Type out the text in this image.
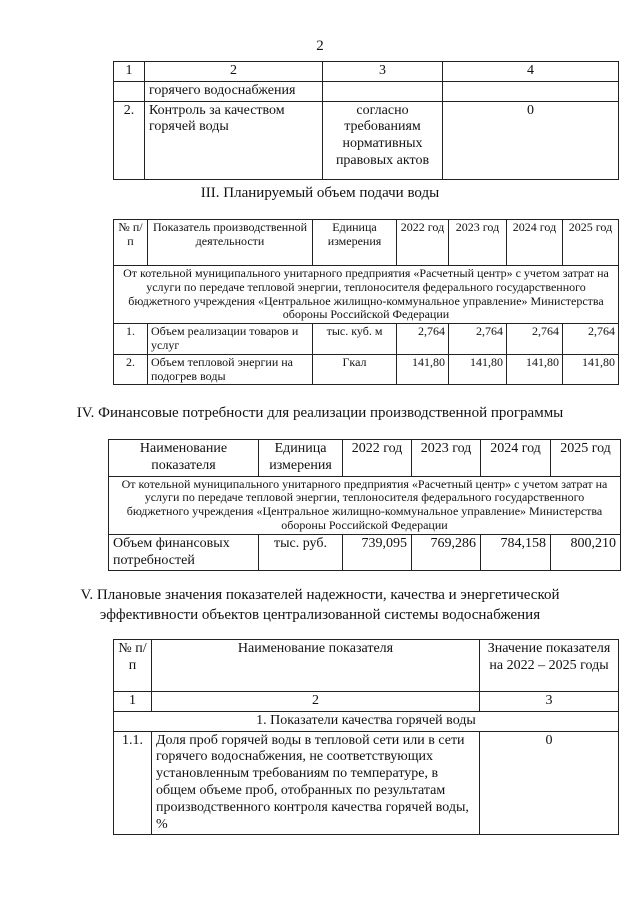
2
1	2	3	4
	горячего водоснабжения		
2.	Контроль за качеством горячей воды	согласно требованиям нормативных правовых актов	0
III. Планируемый объем подачи воды
№ п/п	Показатель производственной деятельности	Единица измерения	2022 год	2023 год	2024 год	2025 год
От котельной муниципального унитарного предприятия «Расчетный центр» с учетом затрат на услуги по передаче тепловой энергии, теплоносителя федерального государственного бюджетного учреждения «Центральное жилищно-коммунальное управление» Министерства обороны Российской Федерации						
1.	Объем реализации товаров и услуг	тыс. куб. м	2,764	2,764	2,764	2,764
2.	Объем тепловой энергии на подогрев воды	Гкал	141,80	141,80	141,80	141,80
IV. Финансовые потребности для реализации производственной программы
Наименование показателя	Единица измерения	2022 год	2023 год	2024 год	2025 год
От котельной муниципального унитарного предприятия «Расчетный центр» с учетом затрат на услуги по передаче тепловой энергии, теплоносителя федерального государственного бюджетного учреждения «Центральное жилищно-коммунальное управление» Министерства обороны Российской Федерации					
Объем финансовых потребностей	тыс. руб.	739,095	769,286	784,158	800,210
V. Плановые значения показателей надежности, качества и энергетической
эффективности объектов централизованной системы водоснабжения
№ п/п	Наименование показателя	Значение показателя на 2022 – 2025 годы
1	2	3
1. Показатели качества горячей воды		
1.1.	Доля проб горячей воды в тепловой сети или в сети горячего водоснабжения, не соответствующих установленным требованиям по температуре, в общем объеме проб, отобранных по результатам производственного контроля качества горячей воды, %	0
